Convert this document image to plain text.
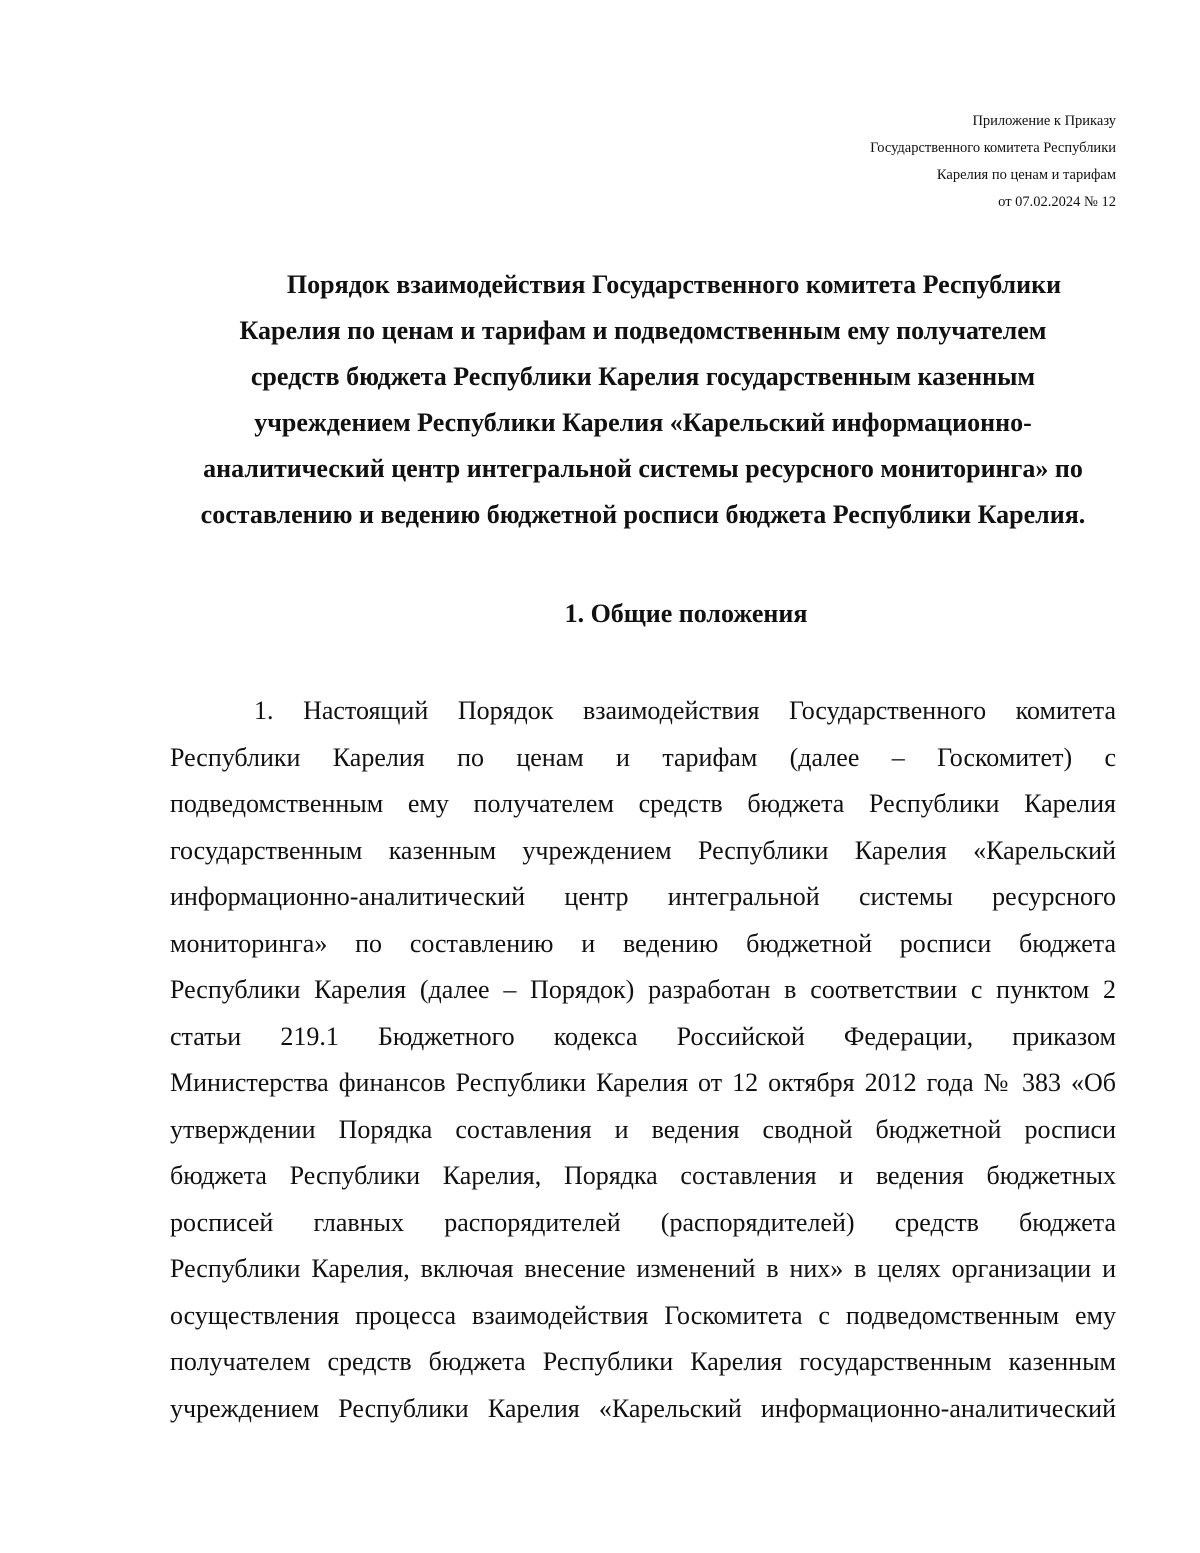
Приложение к Приказу
Государственного комитета Республики
Карелия по ценам и тарифам
от 07.02.2024 № 12
Порядок взаимодействия Государственного комитета Республики
Карелия по ценам и тарифам и подведомственным ему получателем
средств бюджета Республики Карелия государственным казенным
учреждением Республики Карелия «Карельский информационно-
аналитический центр интегральной системы ресурсного мониторинга» по
составлению и ведению бюджетной росписи бюджета Республики Карелия.
1. Общие положения
1. Настоящий Порядок взаимодействия Государственного комитета
Республики Карелия по ценам и тарифам (далее – Госкомитет) с
подведомственным ему получателем средств бюджета Республики Карелия
государственным казенным учреждением Республики Карелия «Карельский
информационно-аналитический центр интегральной системы ресурсного
мониторинга» по составлению и ведению бюджетной росписи бюджета
Республики Карелия (далее – Порядок) разработан в соответствии с пунктом 2
статьи 219.1 Бюджетного кодекса Российской Федерации, приказом
Министерства финансов Республики Карелия от 12 октября 2012 года № 383 «Об
утверждении Порядка составления и ведения сводной бюджетной росписи
бюджета Республики Карелия, Порядка составления и ведения бюджетных
росписей главных распорядителей (распорядителей) средств бюджета
Республики Карелия, включая внесение изменений в них» в целях организации и
осуществления процесса взаимодействия Госкомитета с подведомственным ему
получателем средств бюджета Республики Карелия государственным казенным
учреждением Республики Карелия «Карельский информационно-аналитический
